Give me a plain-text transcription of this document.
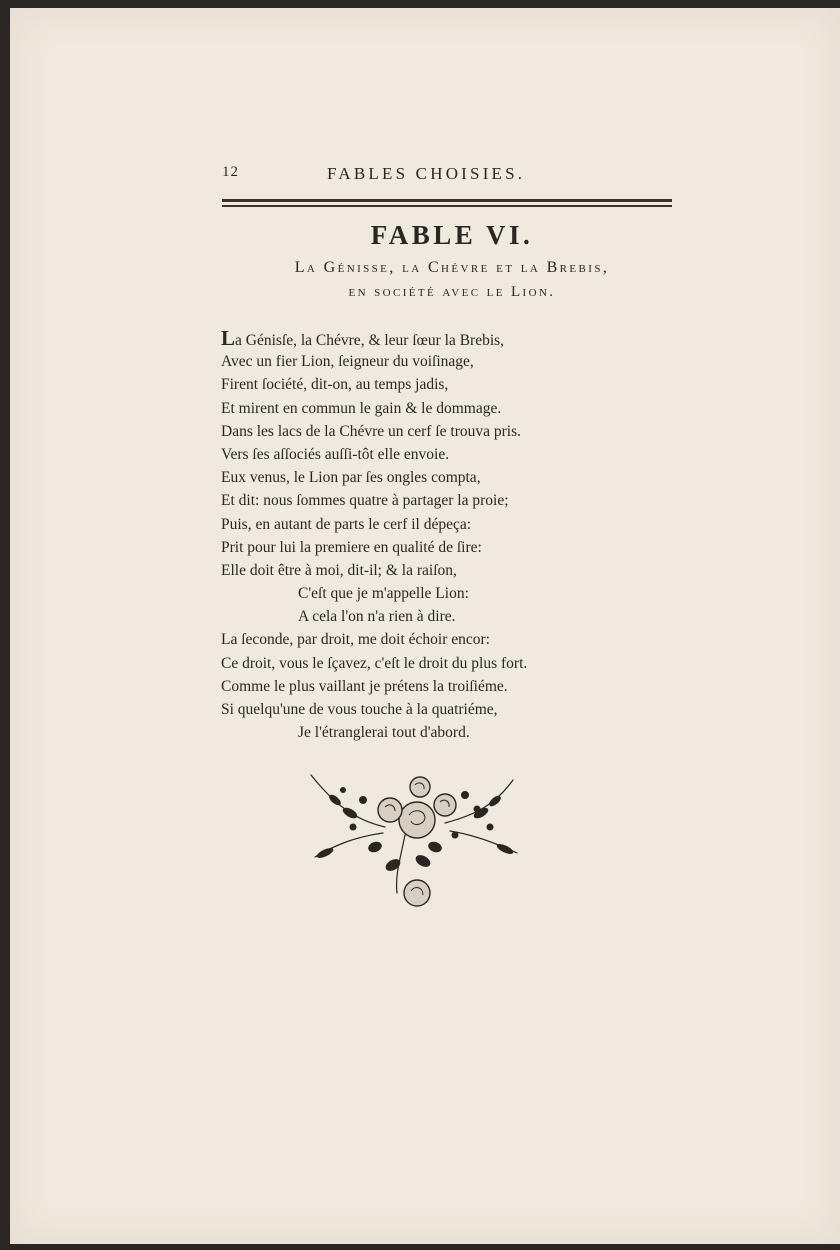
12	FABLES CHOISIES.
FABLE VI.
La Génisse, la Chévre et la Brebis,
en société avec le Lion.
La Génisſe, la Chévre, & leur ſœur la Brebis,
Avec un fier Lion, ſeigneur du voiſinage,
Firent ſociété, dit-on, au temps jadis,
Et mirent en commun le gain & le dommage.
Dans les lacs de la Chévre un cerf ſe trouva pris.
Vers ſes aſſociés auſſi-tôt elle envoie.
Eux venus, le Lion par ſes ongles compta,
Et dit: nous ſommes quatre à partager la proie;
Puis, en autant de parts le cerf il dépeça:
Prit pour lui la premiere en qualité de ſire:
Elle doit être à moi, dit-il; & la raiſon,
C'eſt que je m'appelle Lion:
A cela l'on n'a rien à dire.
La ſeconde, par droit, me doit échoir encor:
Ce droit, vous le ſçavez, c'eſt le droit du plus fort.
Comme le plus vaillant je prétens la troiſiéme.
Si quelqu'une de vous touche à la quatriéme,
Je l'étranglerai tout d'abord.
